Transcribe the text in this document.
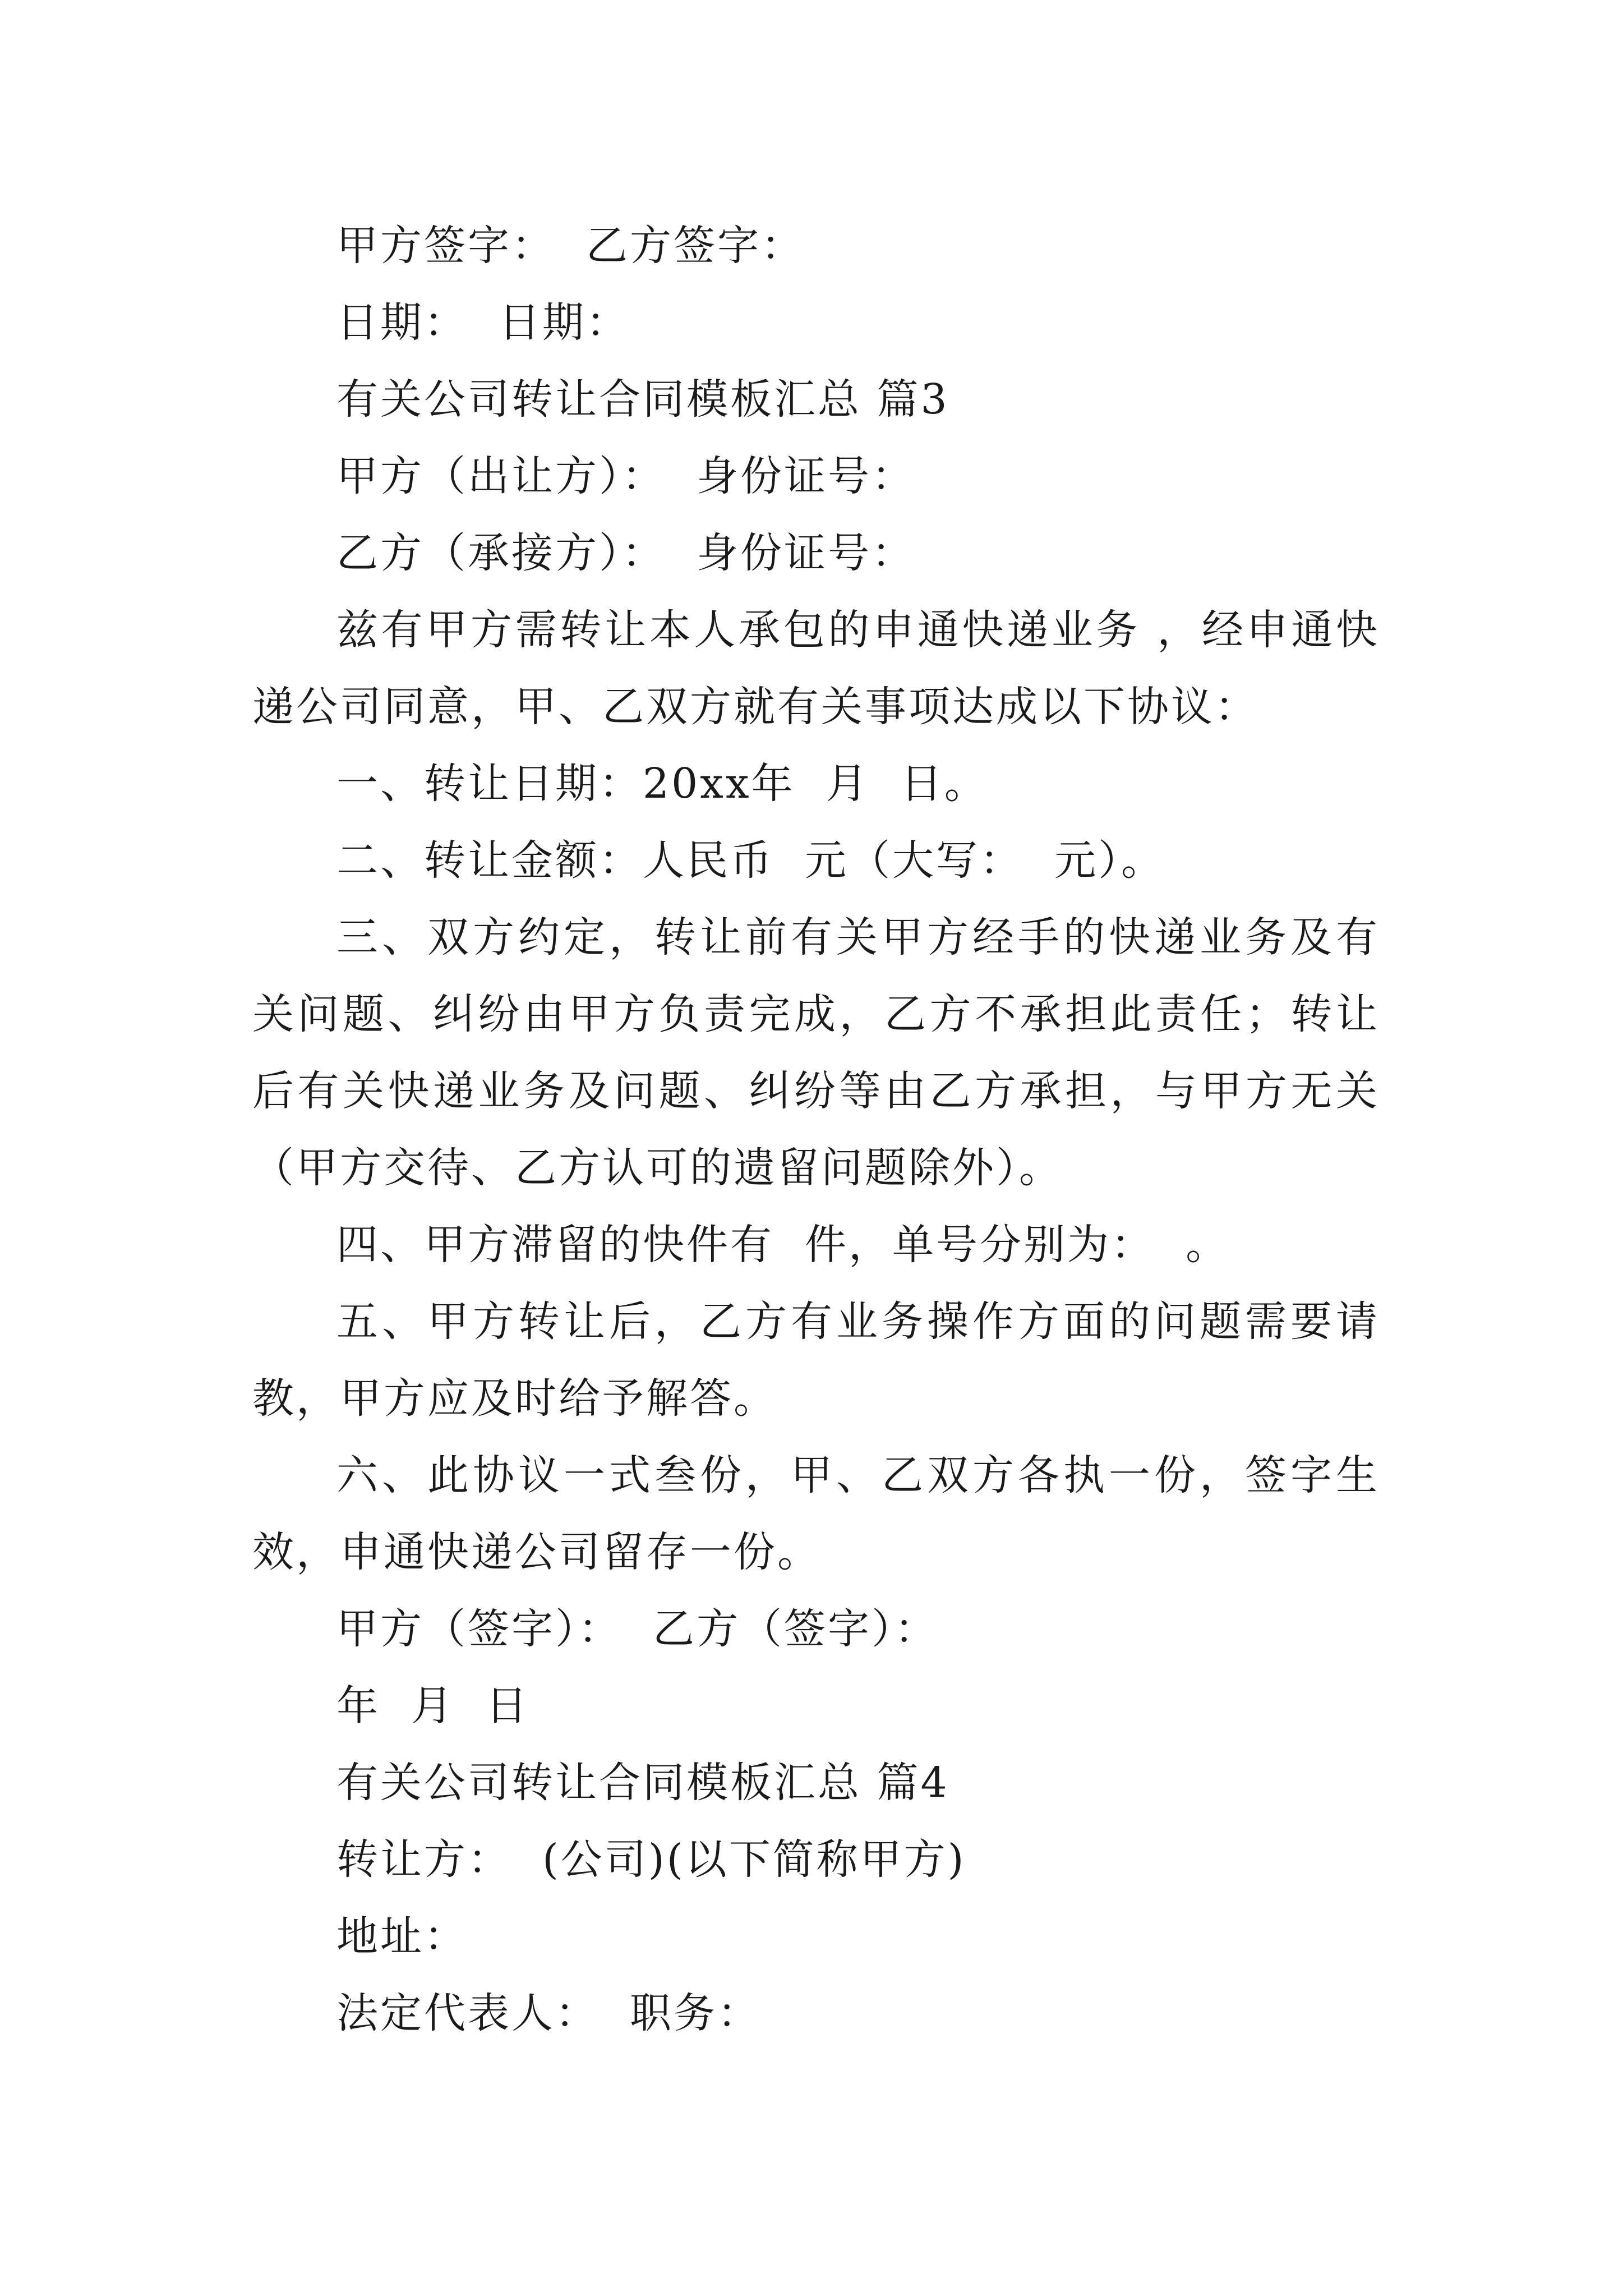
甲方签字：  乙方签字：

日期：  日期：

有关公司转让合同模板汇总 篇3

甲方（出让方）：  身份证号：

乙方（承接方）：  身份证号：

兹有甲方需转让本人承包的申通快递业务 ，经申通快递公司同意，甲、乙双方就有关事项达成以下协议：

一、转让日期：20xx年  月  日。

二、转让金额：人民币  元（大写：  元）。

三、双方约定，转让前有关甲方经手的快递业务及有关问题、纠纷由甲方负责完成，乙方不承担此责任；转让后有关快递业务及问题、纠纷等由乙方承担，与甲方无关（甲方交待、乙方认可的遗留问题除外）。

四、甲方滞留的快件有  件，单号分别为：  。

五、甲方转让后，乙方有业务操作方面的问题需要请教，甲方应及时给予解答。

六、此协议一式叁份，甲、乙双方各执一份，签字生效，申通快递公司留存一份。

甲方（签字）：  乙方（签字）：

年  月  日

有关公司转让合同模板汇总 篇4

转让方：  (公司)(以下简称甲方)

地址：

法定代表人：  职务：
